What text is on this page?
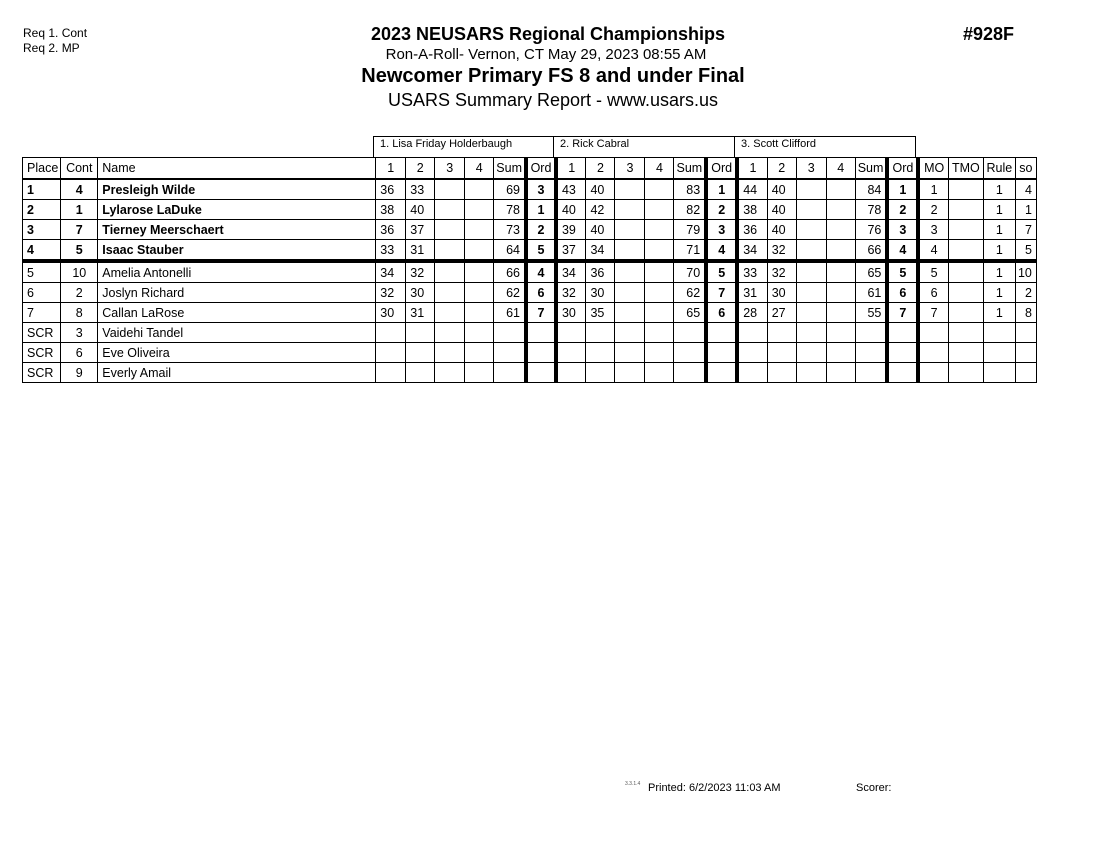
Req 1. Cont
Req 2. MP
2023 NEUSARS Regional Championships
Ron-A-Roll- Vernon, CT May 29, 2023 08:55 AM
Newcomer Primary FS 8 and under Final
USARS Summary Report - www.usars.us
#928F
1. Lisa Friday Holderbaugh	2. Rick Cabral	3. Scott Clifford
Place	Cont	Name	1	2	3	4	Sum	Ord	1	2	3	4	Sum	Ord	1	2	3	4	Sum	Ord	MO	TMO	Rule	so
1	4	Presleigh Wilde	36	33			69	3	43	40			83	1	44	40			84	1	1		1	4
2	1	Lylarose LaDuke	38	40			78	1	40	42			82	2	38	40			78	2	2		1	1
3	7	Tierney Meerschaert	36	37			73	2	39	40			79	3	36	40			76	3	3		1	7
4	5	Isaac Stauber	33	31			64	5	37	34			71	4	34	32			66	4	4		1	5
5	10	Amelia Antonelli	34	32			66	4	34	36			70	5	33	32			65	5	5		1	10
6	2	Joslyn Richard	32	30			62	6	32	30			62	7	31	30			61	6	6		1	2
7	8	Callan LaRose	30	31			61	7	30	35			65	6	28	27			55	7	7		1	8
SCR	3	Vaidehi Tandel																						
SCR	6	Eve Oliveira																						
SCR	9	Everly Amail																						
3.3.1.4 Printed: 6/2/2023 11:03 AM	Scorer:
